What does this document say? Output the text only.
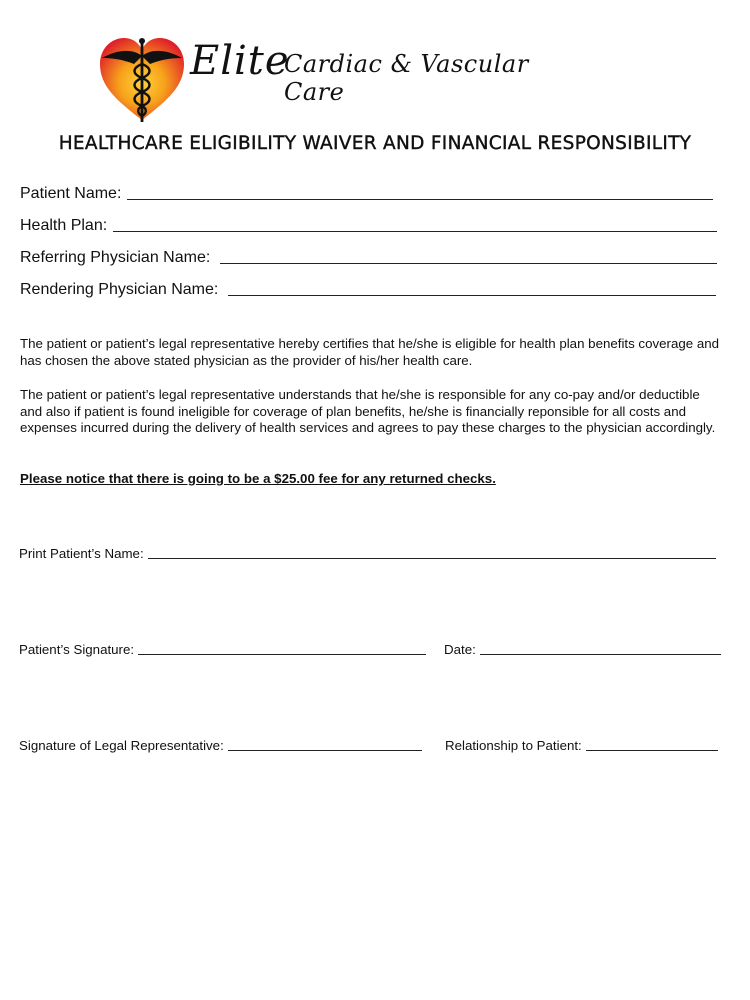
Elite
Cardiac & Vascular Care
HEALTHCARE ELIGIBILITY WAIVER AND FINANCIAL RESPONSIBILITY
Patient Name:
Health Plan:
Referring Physician Name:
Rendering Physician Name:
The patient or patient’s legal representative hereby certifies that he/she is eligible for health plan benefits coverage and has chosen the above stated physician as the provider of his/her health care.
The patient or patient’s legal representative understands that he/she is responsible for any co-pay and/or deductible and also if patient is found ineligible for coverage of plan benefits, he/she is financially reponsible for all costs and expenses incurred during the delivery of health services and agrees to pay these charges to the physician accordingly.
Please notice that there is going to be a $25.00 fee for any returned checks.
Print Patient’s Name:
Patient’s Signature:	Date:
Signature of Legal Representative:	Relationship to Patient:
